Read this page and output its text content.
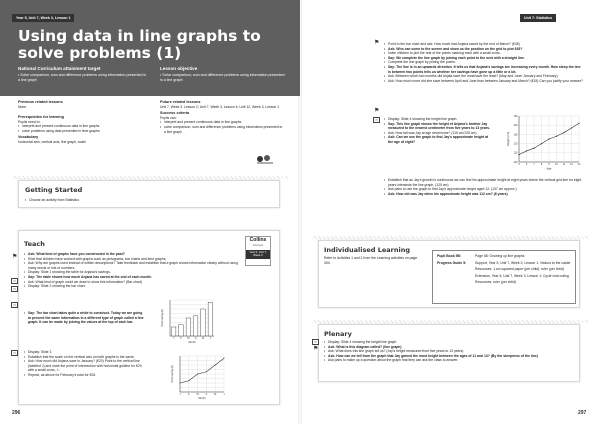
Year 5, Unit 7, Week 3, Lesson 1	Unit 7: Statistics
Using data in line graphs to solve problems (1)
National Curriculum attainment target
• Solve comparison, sum and difference problems using information presented in a line graph
Lesson objective
• Solve comparison, sum and difference problems using information presented in a line graph
Previous related lessons
None
Prerequisites for learning
Pupils need to:
• interpret and present continuous data in line graphs
• solve problems using data presented in time graphs
Vocabulary
horizontal axis, vertical axis, line graph, scale
Future related lessons
Unit 7, Week 3, Lesson 2; Unit 7, Week 3, Lesson 4; Unit 12, Week 3, Lesson 1
Success criteria
Pupils can:
• interpret and present continuous data in line graphs
• solve comparison, sum and difference problems using information presented in a line graph
Getting Started
• Choose an activity from Statistics
Teach	Collins
Connect
Year 5, Unit 7, Week 3
⚑
▭
▭
▭
▭
• Ask: What kind of graphs have you constructed in the past?
• Elicit that children have worked with graphs such as pictograms, bar charts and time graphs.
• Ask: Why are graphs used instead of written descriptions? Take feedback and establish that a graph shows information clearly without using many words or lots of numbers.
• Display: Slide 1 showing the table for Anjana's savings.
• Say: The table shows how much Anjana has saved at the end of each month.
• Ask: What kind of graph could we draw to show this information? (Bar chart)
• Display: Slide 2 showing the bar chart.
• Say: The bar chart takes quite a while to construct. Today we are going to present the same information in a different type of graph called a line graph. It can be made by joining the values at the top of each bar.
• Display: Slide 3
• Establish that the scale on the vertical axis on both graphs is the same.
• Ask: How much did Anjana save in January? (€20) Point to the vertical line (labelled J) and mark the point of intersection with horizontal gridline for €20 with a small cross, ×.
• Repeat, as above for February's total for €25.
J	F M A M J
Month
Total saving (€)
×
J
×
F
×
M
×
A
×
M
×
J
Month
Total saving (€)
⚑
⚑
▭
• Point to the bar chart and ask: How much had Anjana saved by the end of March? (€45)
• Ask: Who can come to the screen and show us the position on the grid to plot €45?
• Invite children to plot the rest of the points marking each with a small cross.
• Say: We complete the line graph by joining each point to the next with a straight line.
• Complete the line graph by joining the points.
• Say: The line is in an upwards direction. It tells us that Anjana's savings are increasing every month. How steep the line is between two points tells us whether her savings have gone up a little or a lot.
• Ask: Between which two months did Anjala save the most/save the least? (May and June/ January and February)
• Ask: How much more did she save between April and June than between January and March? (€15) Can you justify your answer?
• Display: Slide 4 showing the height line graph.
• Say: This line graph shows the height of Anjana's brother Jay measured to the nearest centimetre from five years to 13 years.
• Ask: How tall was Jay at age seven/nine? (115 cm/125 cm)
• Ask: Can we use the graph to find Jay's approximate height at the age of eight?
• Establish that as Jay's growth is continuous we can find his approximate height at eight years where the vertical grid line for eight years intersects the line graph. (120 cm)
• Ask pairs to use the graph to find Jay's approximate height aged 12. (137 cm approx.)
• Ask: How old was Jay when his approximate height was 112 cm? (6 years)
100
110
120
130
140
150
5	6	7	8	9 10 11 12 13
Age
Height (cm)
Individualised Learning
Refer to Activities 1 and 2 from the Learning activities on page 304.
Pupil Book 5B:	Page 68: Growing up line graphs
Progress Guide 5:	Support, Year 5, Unit 7, Week 3, Lesson 1: Visitors to the castle
Resources: 1 cm squared paper (per child), ruler (per child)
Extension, Year 5, Unit 7, Week 3, Lesson 1: Cycle club outing
Resources: ruler (per child)
Plenary
▭
⚑
• Display: Slide 4 showing the height line graph
• Ask: What is this diagram called? (line graph)
• Ask: What does this line graph tell us? (Jay's height measured from five years to 13 years)
• Ask: How can we tell from the graph that Jay gained the most height between the ages of 11 and 13? (By the steepness of the line)
• Ask pairs to make up a question about the graph that they can ask the class to answer.
296	297
